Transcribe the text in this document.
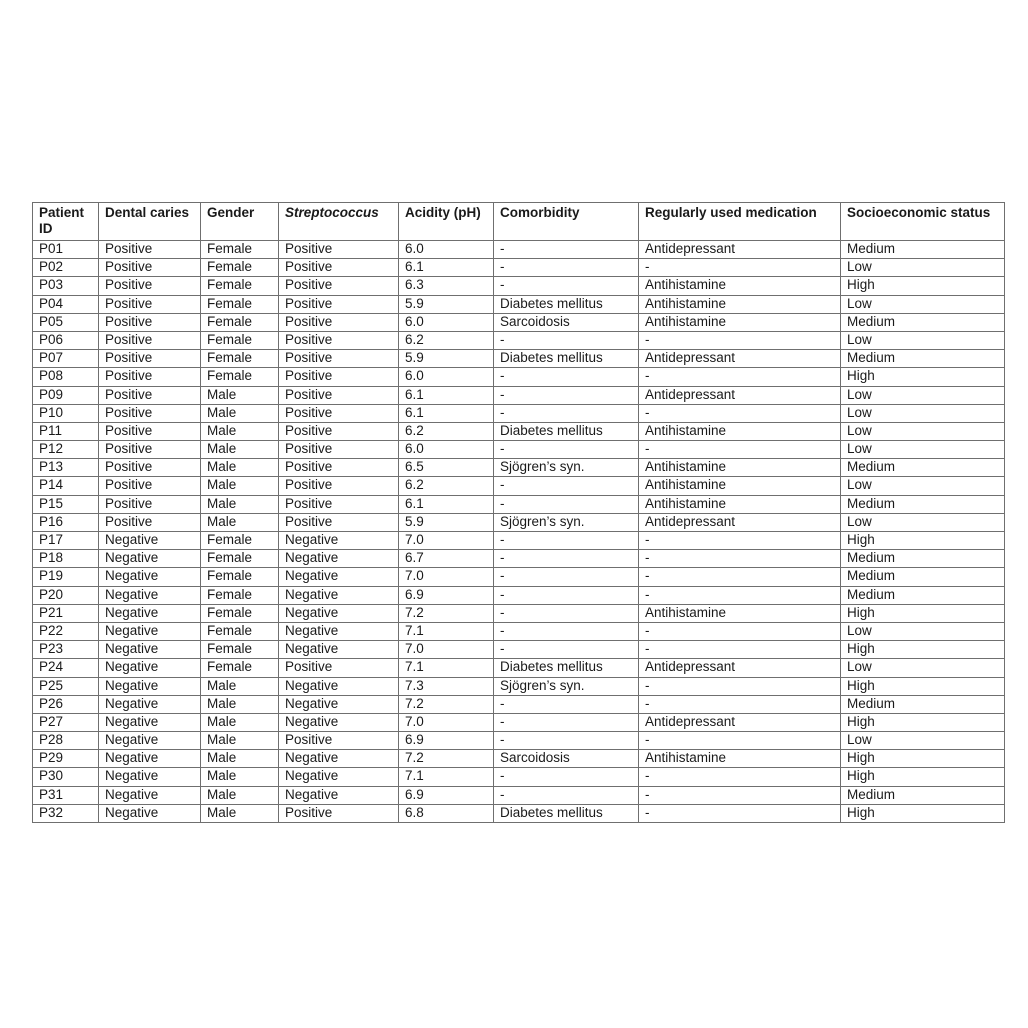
Patient ID	Dental caries	Gender	Streptococcus	Acidity (pH)	Comorbidity	Regularly used medication	Socioeconomic status
P01	Positive	Female	Positive	6.0	-	Antidepressant	Medium
P02	Positive	Female	Positive	6.1	-	-	Low
P03	Positive	Female	Positive	6.3	-	Antihistamine	High
P04	Positive	Female	Positive	5.9	Diabetes mellitus	Antihistamine	Low
P05	Positive	Female	Positive	6.0	Sarcoidosis	Antihistamine	Medium
P06	Positive	Female	Positive	6.2	-	-	Low
P07	Positive	Female	Positive	5.9	Diabetes mellitus	Antidepressant	Medium
P08	Positive	Female	Positive	6.0	-	-	High
P09	Positive	Male	Positive	6.1	-	Antidepressant	Low
P10	Positive	Male	Positive	6.1	-	-	Low
P11	Positive	Male	Positive	6.2	Diabetes mellitus	Antihistamine	Low
P12	Positive	Male	Positive	6.0	-	-	Low
P13	Positive	Male	Positive	6.5	Sjögren’s syn.	Antihistamine	Medium
P14	Positive	Male	Positive	6.2	-	Antihistamine	Low
P15	Positive	Male	Positive	6.1	-	Antihistamine	Medium
P16	Positive	Male	Positive	5.9	Sjögren’s syn.	Antidepressant	Low
P17	Negative	Female	Negative	7.0	-	-	High
P18	Negative	Female	Negative	6.7	-	-	Medium
P19	Negative	Female	Negative	7.0	-	-	Medium
P20	Negative	Female	Negative	6.9	-	-	Medium
P21	Negative	Female	Negative	7.2	-	Antihistamine	High
P22	Negative	Female	Negative	7.1	-	-	Low
P23	Negative	Female	Negative	7.0	-	-	High
P24	Negative	Female	Positive	7.1	Diabetes mellitus	Antidepressant	Low
P25	Negative	Male	Negative	7.3	Sjögren’s syn.	-	High
P26	Negative	Male	Negative	7.2	-	-	Medium
P27	Negative	Male	Negative	7.0	-	Antidepressant	High
P28	Negative	Male	Positive	6.9	-	-	Low
P29	Negative	Male	Negative	7.2	Sarcoidosis	Antihistamine	High
P30	Negative	Male	Negative	7.1	-	-	High
P31	Negative	Male	Negative	6.9	-	-	Medium
P32	Negative	Male	Positive	6.8	Diabetes mellitus	-	High
